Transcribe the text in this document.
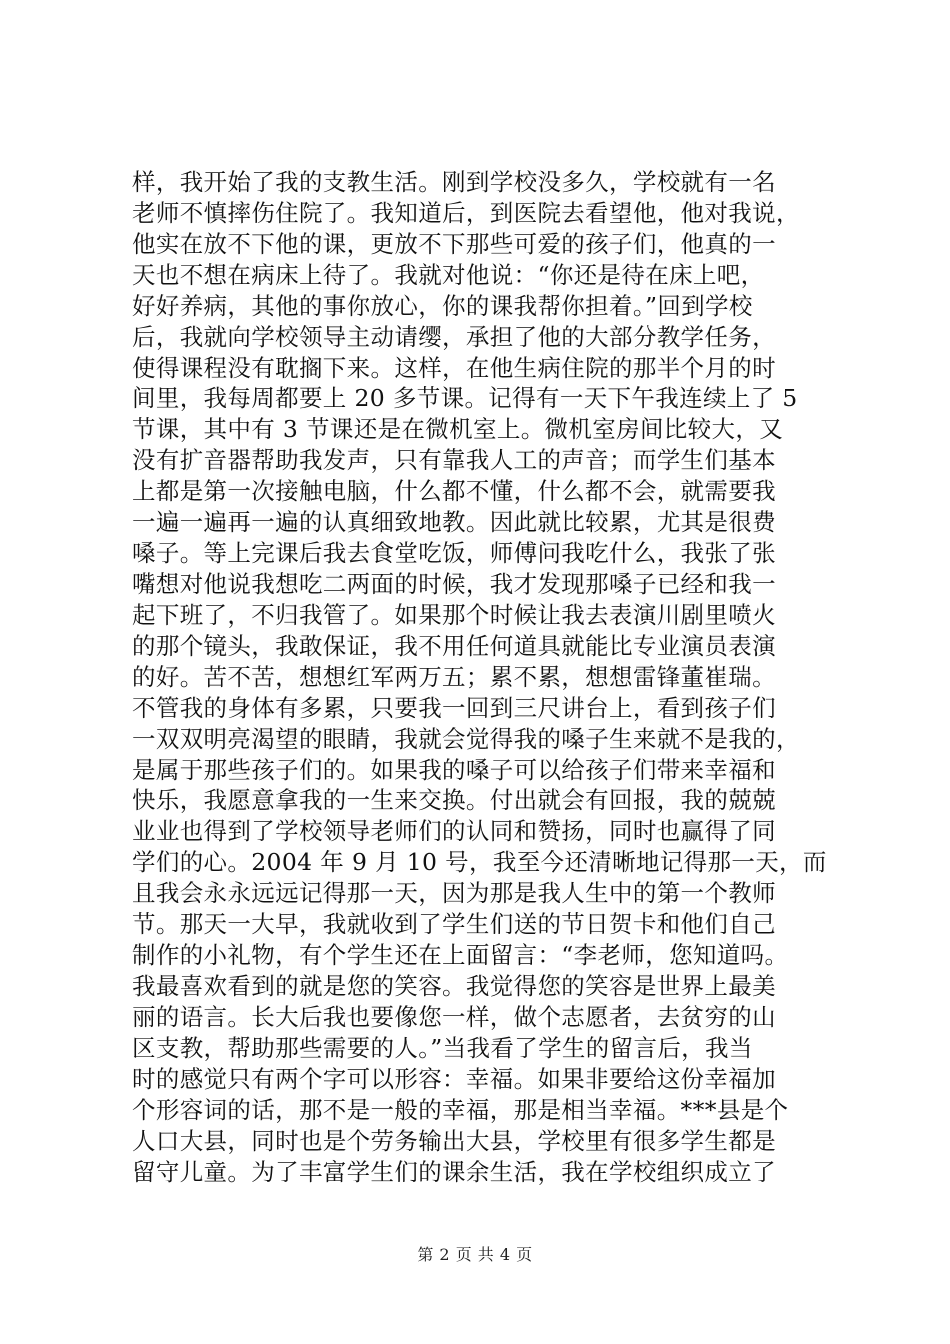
样，我开始了我的支教生活。刚到学校没多久，学校就有一名
老师不慎摔伤住院了。我知道后，到医院去看望他，他对我说，
他实在放不下他的课，更放不下那些可爱的孩子们，他真的一
天也不想在病床上待了。我就对他说：“你还是待在床上吧，
好好养病，其他的事你放心，你的课我帮你担着。”回到学校
后，我就向学校领导主动请缨，承担了他的大部分教学任务，
使得课程没有耽搁下来。这样，在他生病住院的那半个月的时
间里，我每周都要上 20 多节课。记得有一天下午我连续上了 5
节课，其中有 3 节课还是在微机室上。微机室房间比较大，又
没有扩音器帮助我发声，只有靠我人工的声音；而学生们基本
上都是第一次接触电脑，什么都不懂，什么都不会，就需要我
一遍一遍再一遍的认真细致地教。因此就比较累，尤其是很费
嗓子。等上完课后我去食堂吃饭，师傅问我吃什么，我张了张
嘴想对他说我想吃二两面的时候，我才发现那嗓子已经和我一
起下班了，不归我管了。如果那个时候让我去表演川剧里喷火
的那个镜头，我敢保证，我不用任何道具就能比专业演员表演
的好。苦不苦，想想红军两万五；累不累，想想雷锋董崔瑞。
不管我的身体有多累，只要我一回到三尺讲台上，看到孩子们
一双双明亮渴望的眼睛，我就会觉得我的嗓子生来就不是我的，
是属于那些孩子们的。如果我的嗓子可以给孩子们带来幸福和
快乐，我愿意拿我的一生来交换。付出就会有回报，我的兢兢
业业也得到了学校领导老师们的认同和赞扬，同时也赢得了同
学们的心。2004 年 9 月 10 号，我至今还清晰地记得那一天，而
且我会永永远远记得那一天，因为那是我人生中的第一个教师
节。那天一大早，我就收到了学生们送的节日贺卡和他们自己
制作的小礼物，有个学生还在上面留言：“李老师，您知道吗。
我最喜欢看到的就是您的笑容。我觉得您的笑容是世界上最美
丽的语言。长大后我也要像您一样，做个志愿者，去贫穷的山
区支教，帮助那些需要的人。”当我看了学生的留言后，我当
时的感觉只有两个字可以形容：幸福。如果非要给这份幸福加
个形容词的话，那不是一般的幸福，那是相当幸福。***县是个
人口大县，同时也是个劳务输出大县，学校里有很多学生都是
留守儿童。为了丰富学生们的课余生活，我在学校组织成立了
第 2 页 共 4 页
